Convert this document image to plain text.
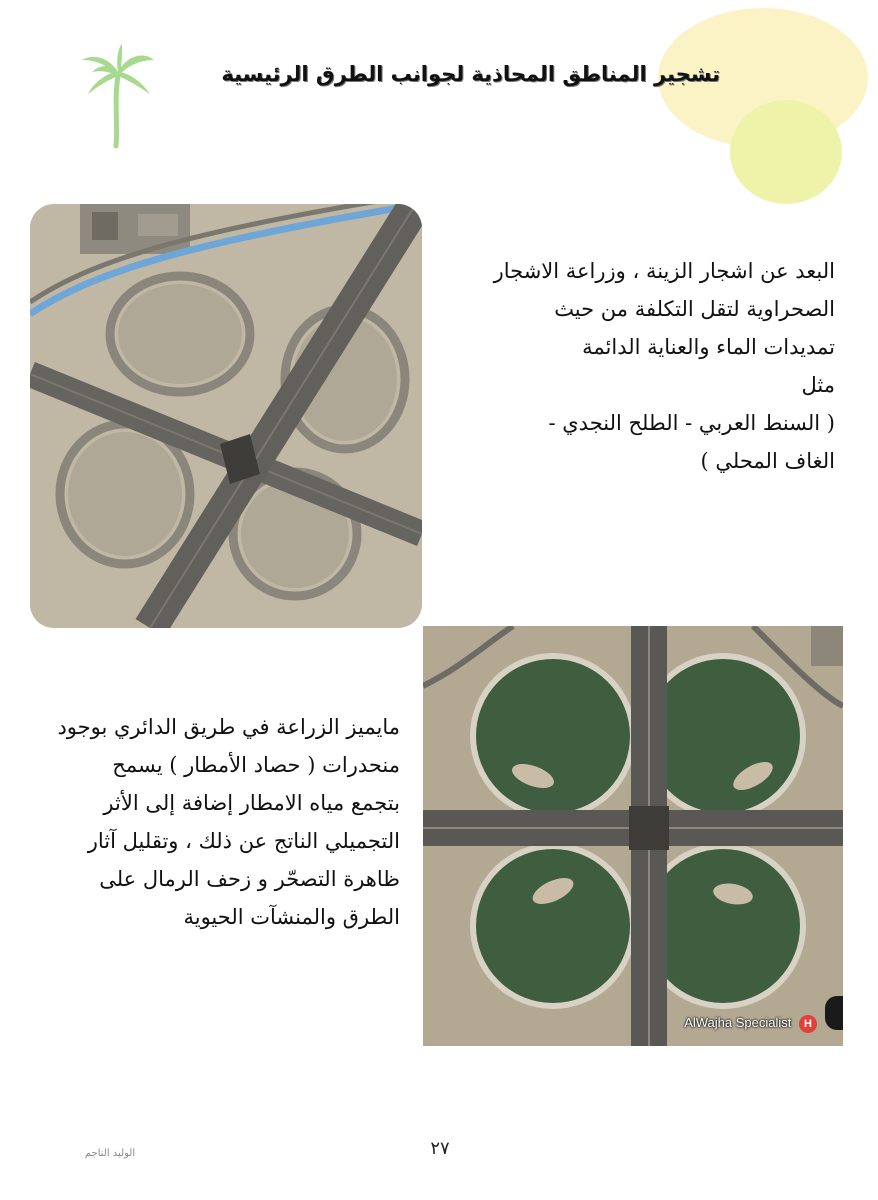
تشجير المناطق المحاذية لجوانب الطرق الرئيسية
البعد عن اشجار الزينة ، وزراعة الاشجار
الصحراوية لتقل التكلفة من حيث
تمديدات الماء والعناية الدائمة
مثل
( السنط العربي - الطلح النجدي -
الغاف المحلي )
AlWajha Specialist H
مايميز الزراعة في طريق الدائري بوجود
منحدرات ( حصاد الأمطار ) يسمح
بتجمع مياه الامطار إضافة إلى الأثر
التجميلي الناتج عن ذلك ، وتقليل آثار
ظاهرة التصحّر و زحف الرمال على
الطرق والمنشآت الحيوية
٢٧
الوليد الناجم
